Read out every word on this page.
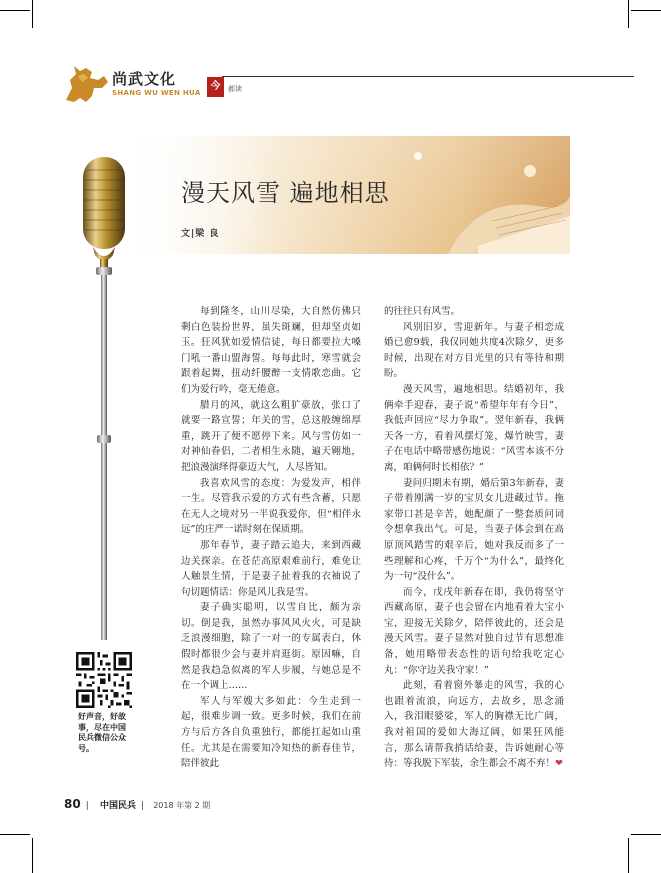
尚武文化
SHANG WU WEN HUA
今	郝读
漫天风雪 遍地相思
文|梁 良

每到隆冬，山川尽染，大自然仿佛只剩白色装扮世界，虽失斑斓，但却坚贞如玉。狂风犹如爱情信徒，每日都要拉大嗓门吼一番山盟海誓。每每此时，寒雪就会跟着起舞，扭动纤腰醉一支情歌恋曲。它们为爱行吟，毫无倦意。

腊月的风，就这么粗犷豪放，张口了就要一路宣誓；年关的雪，总这般缠绵厚重，跳开了便不愿停下来。风与雪仿如一对神仙眷侣，二者相生永随，遍天翱地，把浪漫演绎得豪迈大气，人尽皆知。

我喜欢风雪的态度：为爱发声，相伴一生。尽管我示爱的方式有些含蓄，只愿在无人之境对另一半说我爱你，但“相伴永远”的庄严一诺时刻在保质期。

那年春节，妻子踏云追夫，来到西藏边关探亲。在苍茫高原艰难前行，难免让人触景生情，于是妻子扯着我的衣袖说了句切题情话：你是风儿我是雪。

妻子确实聪明，以雪自比，颇为亲切。倒是我，虽然办事风风火火，可是缺乏浪漫细胞，除了一对一的专属表白，休假时都很少会与妻并肩逛街。原因嘛，自然是我趋急似离的军人步履，与她总是不在一个调上……

军人与军嫂大多如此：今生走到一起，很难步调一致。更多时候，我们在前方与后方各自负重独行，都能扛起如山重任。尤其是在需要知冷知热的新春佳节，陪伴彼此

的往往只有风雪。

风别旧岁，雪迎新年。与妻子相恋成婚已愈9载，我仅同她共度4次除夕，更多时候，出现在对方目光里的只有等待和期盼。

漫天风雪，遍地相思。结婚初年，我俩牵手迎春，妻子说“希望年年有今日”，我低声回应“尽力争取”。翌年新春，我俩天各一方，看着风摆灯笼，爆竹映雪，妻子在电话中略带感伤地说：“风雪本该不分离，咱俩何时长相依？”

妻问归期未有期，婚后第3年新春，妻子带着刚满一岁的宝贝女儿进藏过节。拖家带口甚是辛苦，她配颜了一整套质问词令想拿我出气。可是，当妻子体会到在高原顶风踏雪的艰辛后，她对我反而多了一些理解和心疼，千万个“为什么”，最终化为一句“没什么”。

而今，戊戌年新春在即，我仍将坚守西藏高原，妻子也会留在内地看着大宝小宝，迎接无关除夕，陪伴彼此的，还会是漫天风雪。妻子显然对独自过节有思想准备，她用略带表态性的语句给我吃定心丸：“你守边关我守家！”

此刻，看着窗外暴走的风雪，我的心也跟着流浪，向远方，去故乡，思念涌入，我泪眼婆娑，军人的胸襟无比广阔，我对祖国的爱如大海辽阔，如果狂风能言，那么请帮我捎话给妻，告诉她耐心等待：等我脱下军装，余生都会不离不弃！❤

好声音，好故事，尽在中国民兵微信公众号。
80 | 中国民兵 | 2018 年第 2 期
